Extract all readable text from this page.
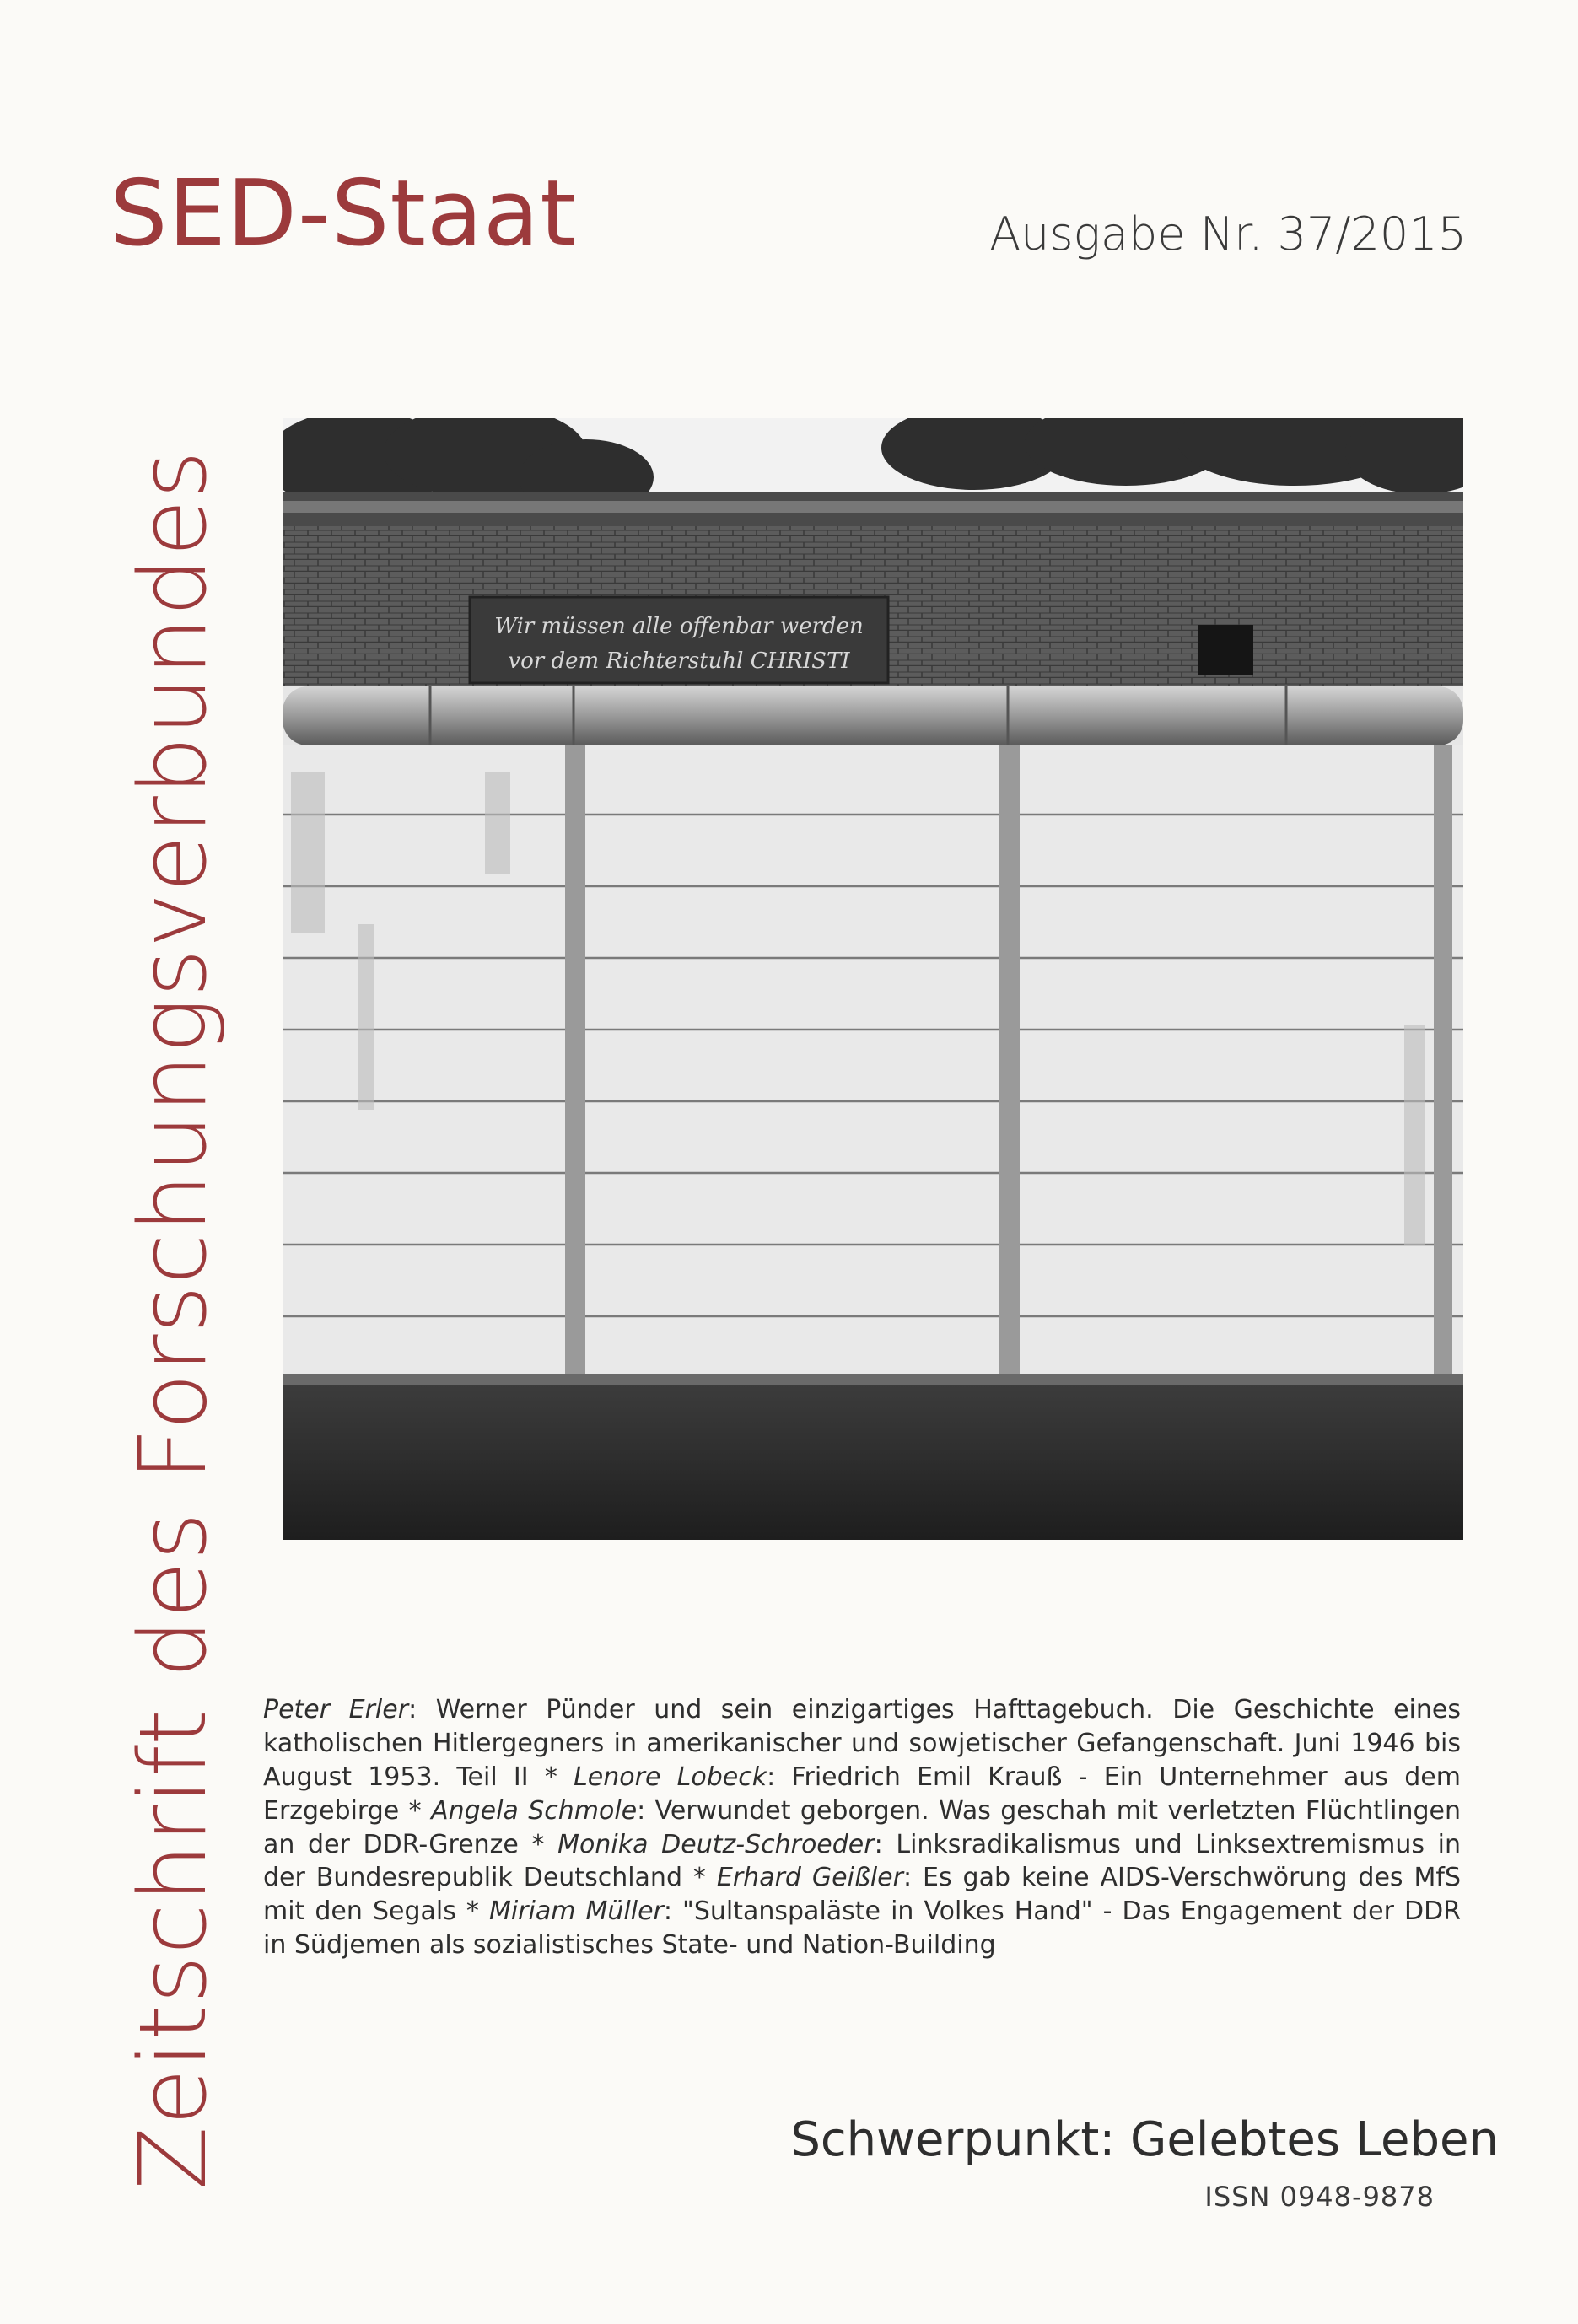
SED-Staat	Ausgabe Nr. 37/2015
Zeitschrift des Forschungsverbundes	Wir müssen alle offenbar werden
vor dem Richterstuhl CHRISTI
Peter Erler: Werner Pünder und sein einzigartiges Hafttagebuch. Die Geschichte eines katholischen Hitlergegners in amerikanischer und sowjetischer Gefangenschaft. Juni 1946 bis August 1953. Teil II * Lenore Lobeck: Friedrich Emil Krauß - Ein Unternehmer aus dem Erzgebirge * Angela Schmole: Verwundet geborgen. Was geschah mit verletzten Flüchtlingen an der DDR-Grenze * Monika Deutz-Schroeder: Linksradikalismus und Linksextremismus in der Bundesrepublik Deutschland * Erhard Geißler: Es gab keine AIDS-Verschwörung des MfS mit den Segals * Miriam Müller: "Sultanspaläste in Volkes Hand" - Das Engagement der DDR in Südjemen als sozialistisches State- und Nation-Building
Schwerpunkt: Gelebtes Leben
ISSN 0948-9878
